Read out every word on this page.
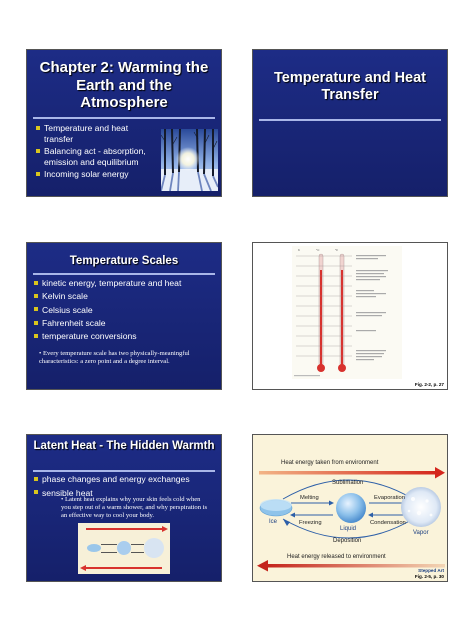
Chapter 2: Warming the Earth and the Atmosphere
Temperature and heat transfer
Balancing act - absorption, emission and equilibrium
Incoming solar energy
Temperature and Heat Transfer
Temperature Scales
kinetic energy, temperature and heat
Kelvin scale
Celsius scale
Fahrenheit scale
temperature conversions
• Every temperature scale has two physically-meaningful characteristics: a zero point and a degree interval.
K	°C	°F
Fig. 2-2, p. 27
Latent Heat - The Hidden Warmth
phase changes and energy exchanges
sensible heat
• Latent heat explains why your skin feels cold when you step out of a warm shower, and why perspiration is an effective way to cool your body.
Heat energy taken from environment
Heat energy released to environment
Sublimation
Melting	Evaporation
Freezing	Condensation
Deposition
Ice
Liquid
Vapor
Stepped Art
Fig. 2-5, p. 30
